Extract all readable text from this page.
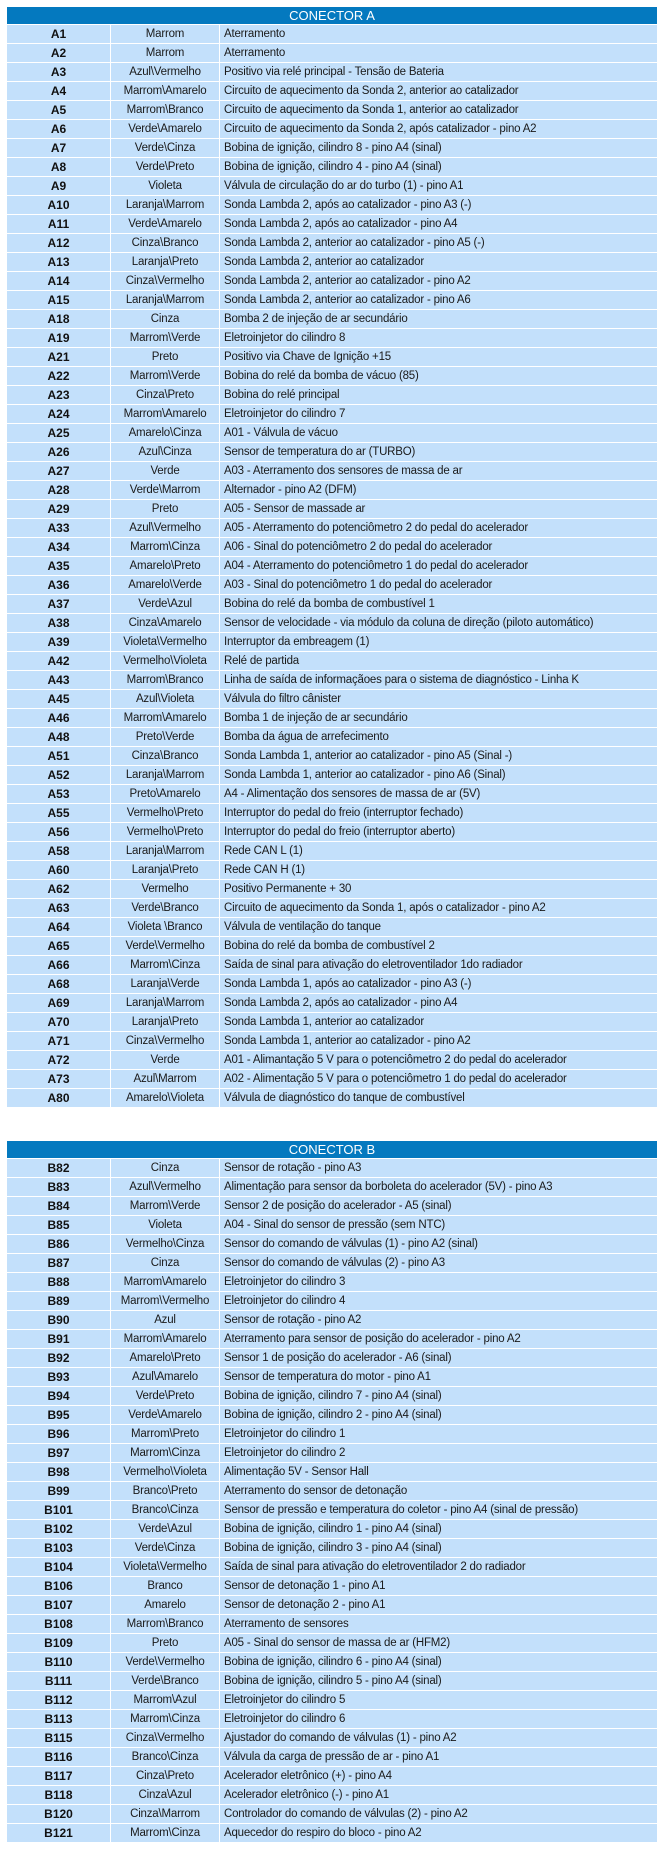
CONECTOR A		
A1	Marrom	Aterramento
A2	Marrom	Aterramento
A3	Azul\Vermelho	Positivo via relé principal - Tensão de Bateria
A4	Marrom\Amarelo	Circuito de aquecimento da Sonda 2, anterior ao catalizador
A5	Marrom\Branco	Circuito de aquecimento da Sonda 1, anterior ao catalizador
A6	Verde\Amarelo	Circuito de aquecimento da Sonda 2, após catalizador - pino A2
A7	Verde\Cinza	Bobina de ignição, cilindro 8 - pino A4 (sinal)
A8	Verde\Preto	Bobina de ignição, cilindro 4 - pino A4 (sinal)
A9	Violeta	Válvula de circulação do ar do turbo (1) - pino A1
A10	Laranja\Marrom	Sonda Lambda 2, após ao catalizador - pino A3 (-)
A11	Verde\Amarelo	Sonda Lambda 2, após ao catalizador - pino A4
A12	Cinza\Branco	Sonda Lambda 2, anterior ao catalizador - pino A5 (-)
A13	Laranja\Preto	Sonda Lambda 2, anterior ao catalizador
A14	Cinza\Vermelho	Sonda Lambda 2, anterior ao catalizador - pino A2
A15	Laranja\Marrom	Sonda Lambda 2, anterior ao catalizador - pino A6
A18	Cinza	Bomba 2 de injeção de ar secundário
A19	Marrom\Verde	Eletroinjetor do cilindro 8
A21	Preto	Positivo via Chave de Ignição +15
A22	Marrom\Verde	Bobina do relé da bomba de vácuo (85)
A23	Cinza\Preto	Bobina do relé principal
A24	Marrom\Amarelo	Eletroinjetor do cilindro 7
A25	Amarelo\Cinza	A01 - Válvula de vácuo
A26	Azul\Cinza	Sensor de temperatura do ar (TURBO)
A27	Verde	A03 - Aterramento dos sensores de massa de ar
A28	Verde\Marrom	Alternador - pino A2 (DFM)
A29	Preto	A05 - Sensor de massade ar
A33	Azul\Vermelho	A05 - Aterramento do potenciômetro 2 do pedal do acelerador
A34	Marrom\Cinza	A06 - Sinal do potenciômetro 2 do pedal do acelerador
A35	Amarelo\Preto	A04 - Aterramento do potenciômetro 1 do pedal do acelerador
A36	Amarelo\Verde	A03 - Sinal do potenciômetro 1 do pedal do acelerador
A37	Verde\Azul	Bobina do relé da bomba de combustível 1
A38	Cinza\Amarelo	Sensor de velocidade - via módulo da coluna de direção (piloto automático)
A39	Violeta\Vermelho	Interruptor da embreagem (1)
A42	Vermelho\Violeta	Relé de partida
A43	Marrom\Branco	Linha de saída de informaçãoes para o sistema de diagnóstico - Linha K
A45	Azul\Violeta	Válvula do filtro cânister
A46	Marrom\Amarelo	Bomba 1 de injeção de ar secundário
A48	Preto\Verde	Bomba da água de arrefecimento
A51	Cinza\Branco	Sonda Lambda 1, anterior ao catalizador - pino A5 (Sinal -)
A52	Laranja\Marrom	Sonda Lambda 1, anterior ao catalizador - pino A6 (Sinal)
A53	Preto\Amarelo	A4 - Alimentação dos sensores de massa de ar (5V)
A55	Vermelho\Preto	Interruptor do pedal do freio (interruptor fechado)
A56	Vermelho\Preto	Interruptor do pedal do freio (interruptor aberto)
A58	Laranja\Marrom	Rede CAN L (1)
A60	Laranja\Preto	Rede CAN H (1)
A62	Vermelho	Positivo Permanente + 30
A63	Verde\Branco	Circuito de aquecimento da Sonda 1, após o catalizador - pino A2
A64	Violeta \Branco	Válvula de ventilação do tanque
A65	Verde\Vermelho	Bobina do relé da bomba de combustível 2
A66	Marrom\Cinza	Saída de sinal para ativação do eletroventilador 1do radiador
A68	Laranja\Verde	Sonda Lambda 1, após ao catalizador - pino A3 (-)
A69	Laranja\Marrom	Sonda Lambda 2, após ao catalizador - pino A4
A70	Laranja\Preto	Sonda Lambda 1, anterior ao catalizador
A71	Cinza\Vermelho	Sonda Lambda 1, anterior ao catalizador - pino A2
A72	Verde	A01 - Alimantação 5 V para o potenciômetro 2 do pedal do acelerador
A73	Azul\Marrom	A02 - Alimentação 5 V para o potenciômetro 1 do pedal do acelerador
A80	Amarelo\Violeta	Válvula de diagnóstico do tanque de combustível
CONECTOR B		
B82	Cinza	Sensor de rotação - pino A3
B83	Azul\Vermelho	Alimentação para sensor da borboleta do acelerador (5V) - pino A3
B84	Marrom\Verde	Sensor 2 de posição do acelerador - A5 (sinal)
B85	Violeta	A04 - Sinal do sensor de pressão (sem NTC)
B86	Vermelho\Cinza	Sensor do comando de válvulas (1) - pino A2 (sinal)
B87	Cinza	Sensor do comando de válvulas (2) - pino A3
B88	Marrom\Amarelo	Eletroinjetor do cilindro 3
B89	Marrom\Vermelho	Eletroinjetor do cilindro 4
B90	Azul	Sensor de rotação - pino A2
B91	Marrom\Amarelo	Aterramento para sensor de posição do acelerador - pino A2
B92	Amarelo\Preto	Sensor 1 de posição do acelerador - A6 (sinal)
B93	Azul\Amarelo	Sensor de temperatura do motor - pino A1
B94	Verde\Preto	Bobina de ignição, cilindro 7 - pino A4 (sinal)
B95	Verde\Amarelo	Bobina de ignição, cilindro 2 - pino A4 (sinal)
B96	Marrom\Preto	Eletroinjetor do cilindro 1
B97	Marrom\Cinza	Eletroinjetor do cilindro 2
B98	Vermelho\Violeta	Alimentação 5V - Sensor Hall
B99	Branco\Preto	Aterramento do sensor de detonação
B101	Branco\Cinza	Sensor de pressão e temperatura do coletor - pino A4 (sinal de pressão)
B102	Verde\Azul	Bobina de ignição, cilindro 1 - pino A4 (sinal)
B103	Verde\Cinza	Bobina de ignição, cilindro 3 - pino A4 (sinal)
B104	Violeta\Vermelho	Saída de sinal para ativação do eletroventilador 2 do radiador
B106	Branco	Sensor de detonação 1 - pino A1
B107	Amarelo	Sensor de detonação 2 - pino A1
B108	Marrom\Branco	Aterramento de sensores
B109	Preto	A05 - Sinal do sensor de massa de ar (HFM2)
B110	Verde\Vermelho	Bobina de ignição, cilindro 6 - pino A4 (sinal)
B111	Verde\Branco	Bobina de ignição, cilindro 5 - pino A4 (sinal)
B112	Marrom\Azul	Eletroinjetor do cilindro 5
B113	Marrom\Cinza	Eletroinjetor do cilindro 6
B115	Cinza\Vermelho	Ajustador do comando de válvulas (1) - pino A2
B116	Branco\Cinza	Válvula da carga de pressão de ar - pino A1
B117	Cinza\Preto	Acelerador eletrônico (+) - pino A4
B118	Cinza\Azul	Acelerador eletrônico (-) - pino A1
B120	Cinza\Marrom	Controlador do comando de válvulas (2) - pino A2
B121	Marrom\Cinza	Aquecedor do respiro do bloco - pino A2
